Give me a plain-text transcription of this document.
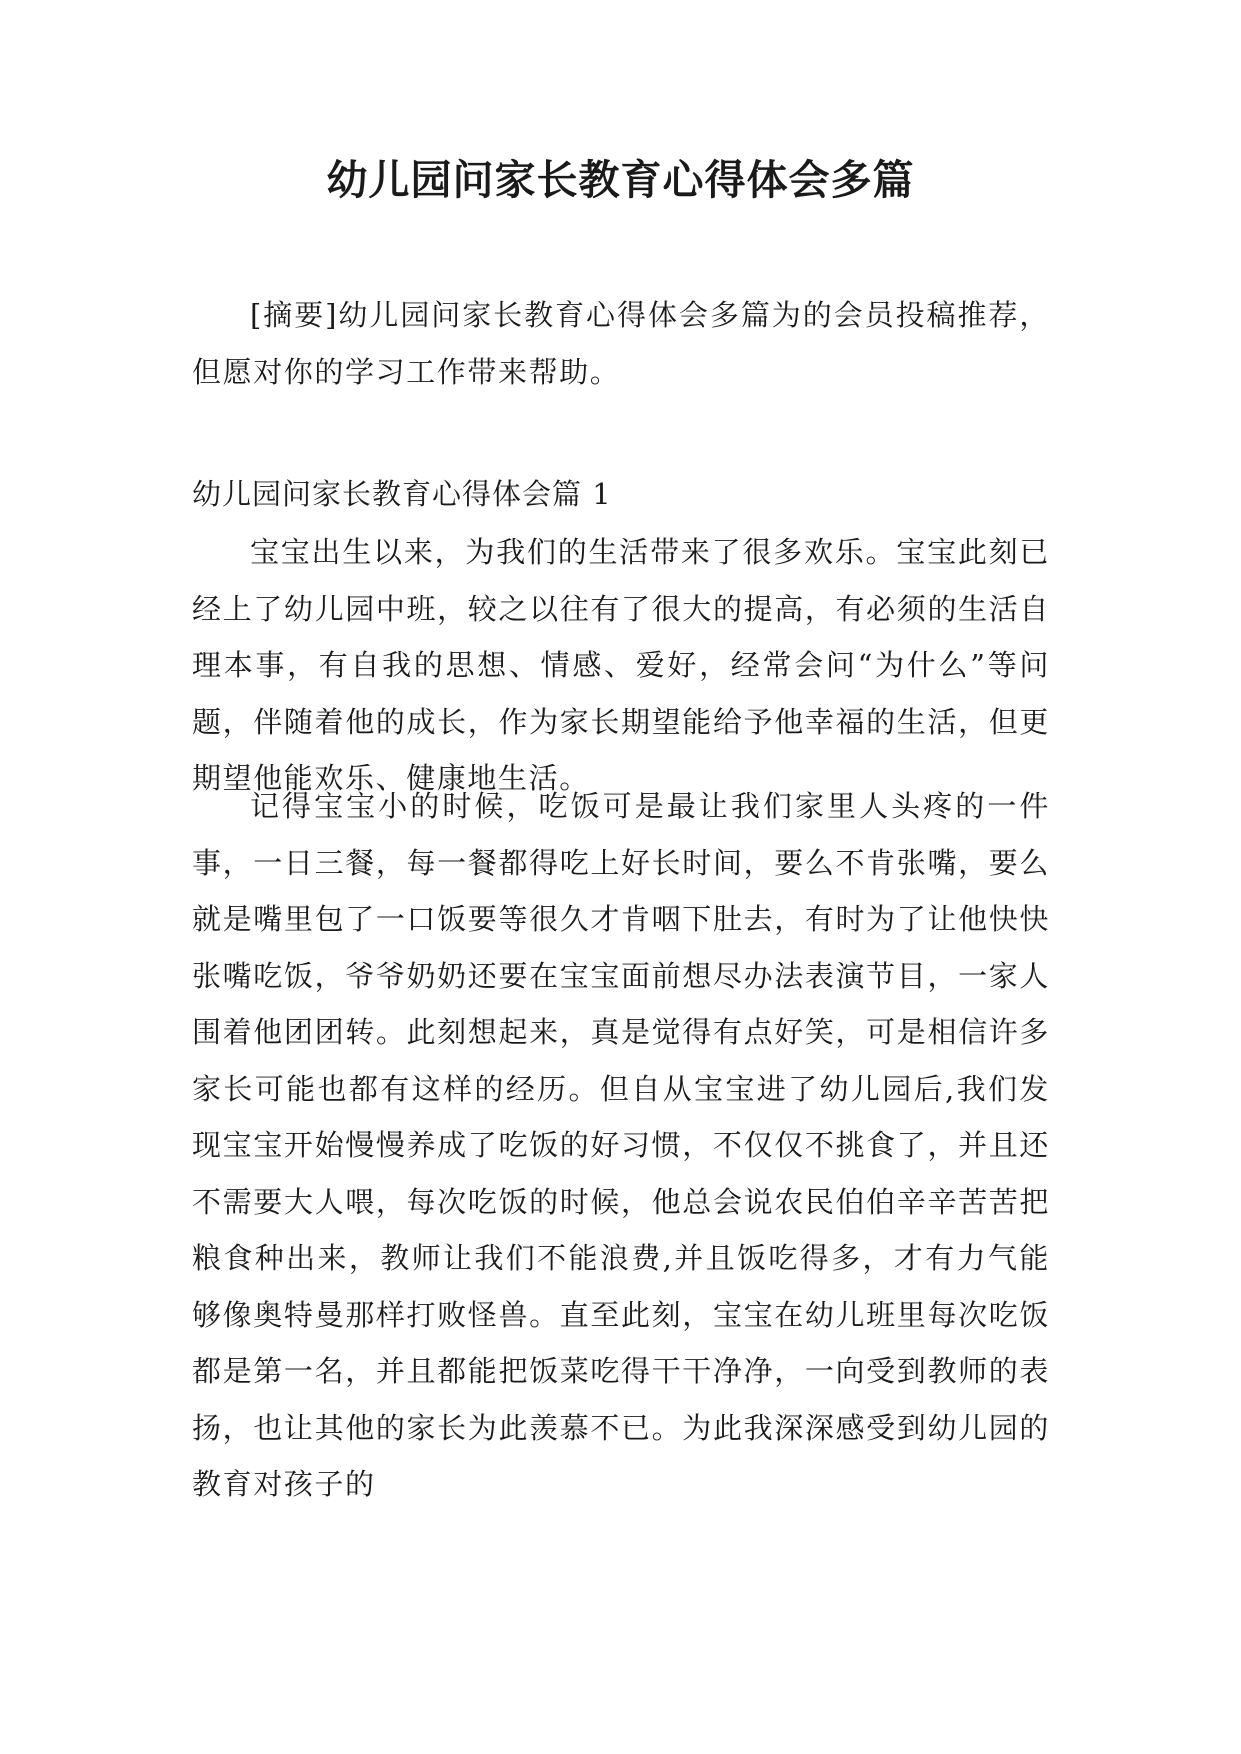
幼儿园问家长教育心得体会多篇

[摘要]幼儿园问家长教育心得体会多篇为的会员投稿推荐，但愿对你的学习工作带来帮助。

幼儿园问家长教育心得体会篇 1

宝宝出生以来，为我们的生活带来了很多欢乐。宝宝此刻已经上了幼儿园中班，较之以往有了很大的提高，有必须的生活自理本事，有自我的思想、情感、爱好，经常会问“为什么”等问题，伴随着他的成长，作为家长期望能给予他幸福的生活，但更期望他能欢乐、健康地生活。

记得宝宝小的时候，吃饭可是最让我们家里人头疼的一件事，一日三餐，每一餐都得吃上好长时间，要么不肯张嘴，要么就是嘴里包了一口饭要等很久才肯咽下肚去，有时为了让他快快张嘴吃饭，爷爷奶奶还要在宝宝面前想尽办法表演节目，一家人围着他团团转。此刻想起来，真是觉得有点好笑，可是相信许多家长可能也都有这样的经历。但自从宝宝进了幼儿园后,我们发现宝宝开始慢慢养成了吃饭的好习惯，不仅仅不挑食了，并且还不需要大人喂，每次吃饭的时候，他总会说农民伯伯辛辛苦苦把粮食种出来，教师让我们不能浪费,并且饭吃得多，才有力气能够像奥特曼那样打败怪兽。直至此刻，宝宝在幼儿班里每次吃饭都是第一名，并且都能把饭菜吃得干干净净，一向受到教师的表扬，也让其他的家长为此羡慕不已。为此我深深感受到幼儿园的教育对孩子的
